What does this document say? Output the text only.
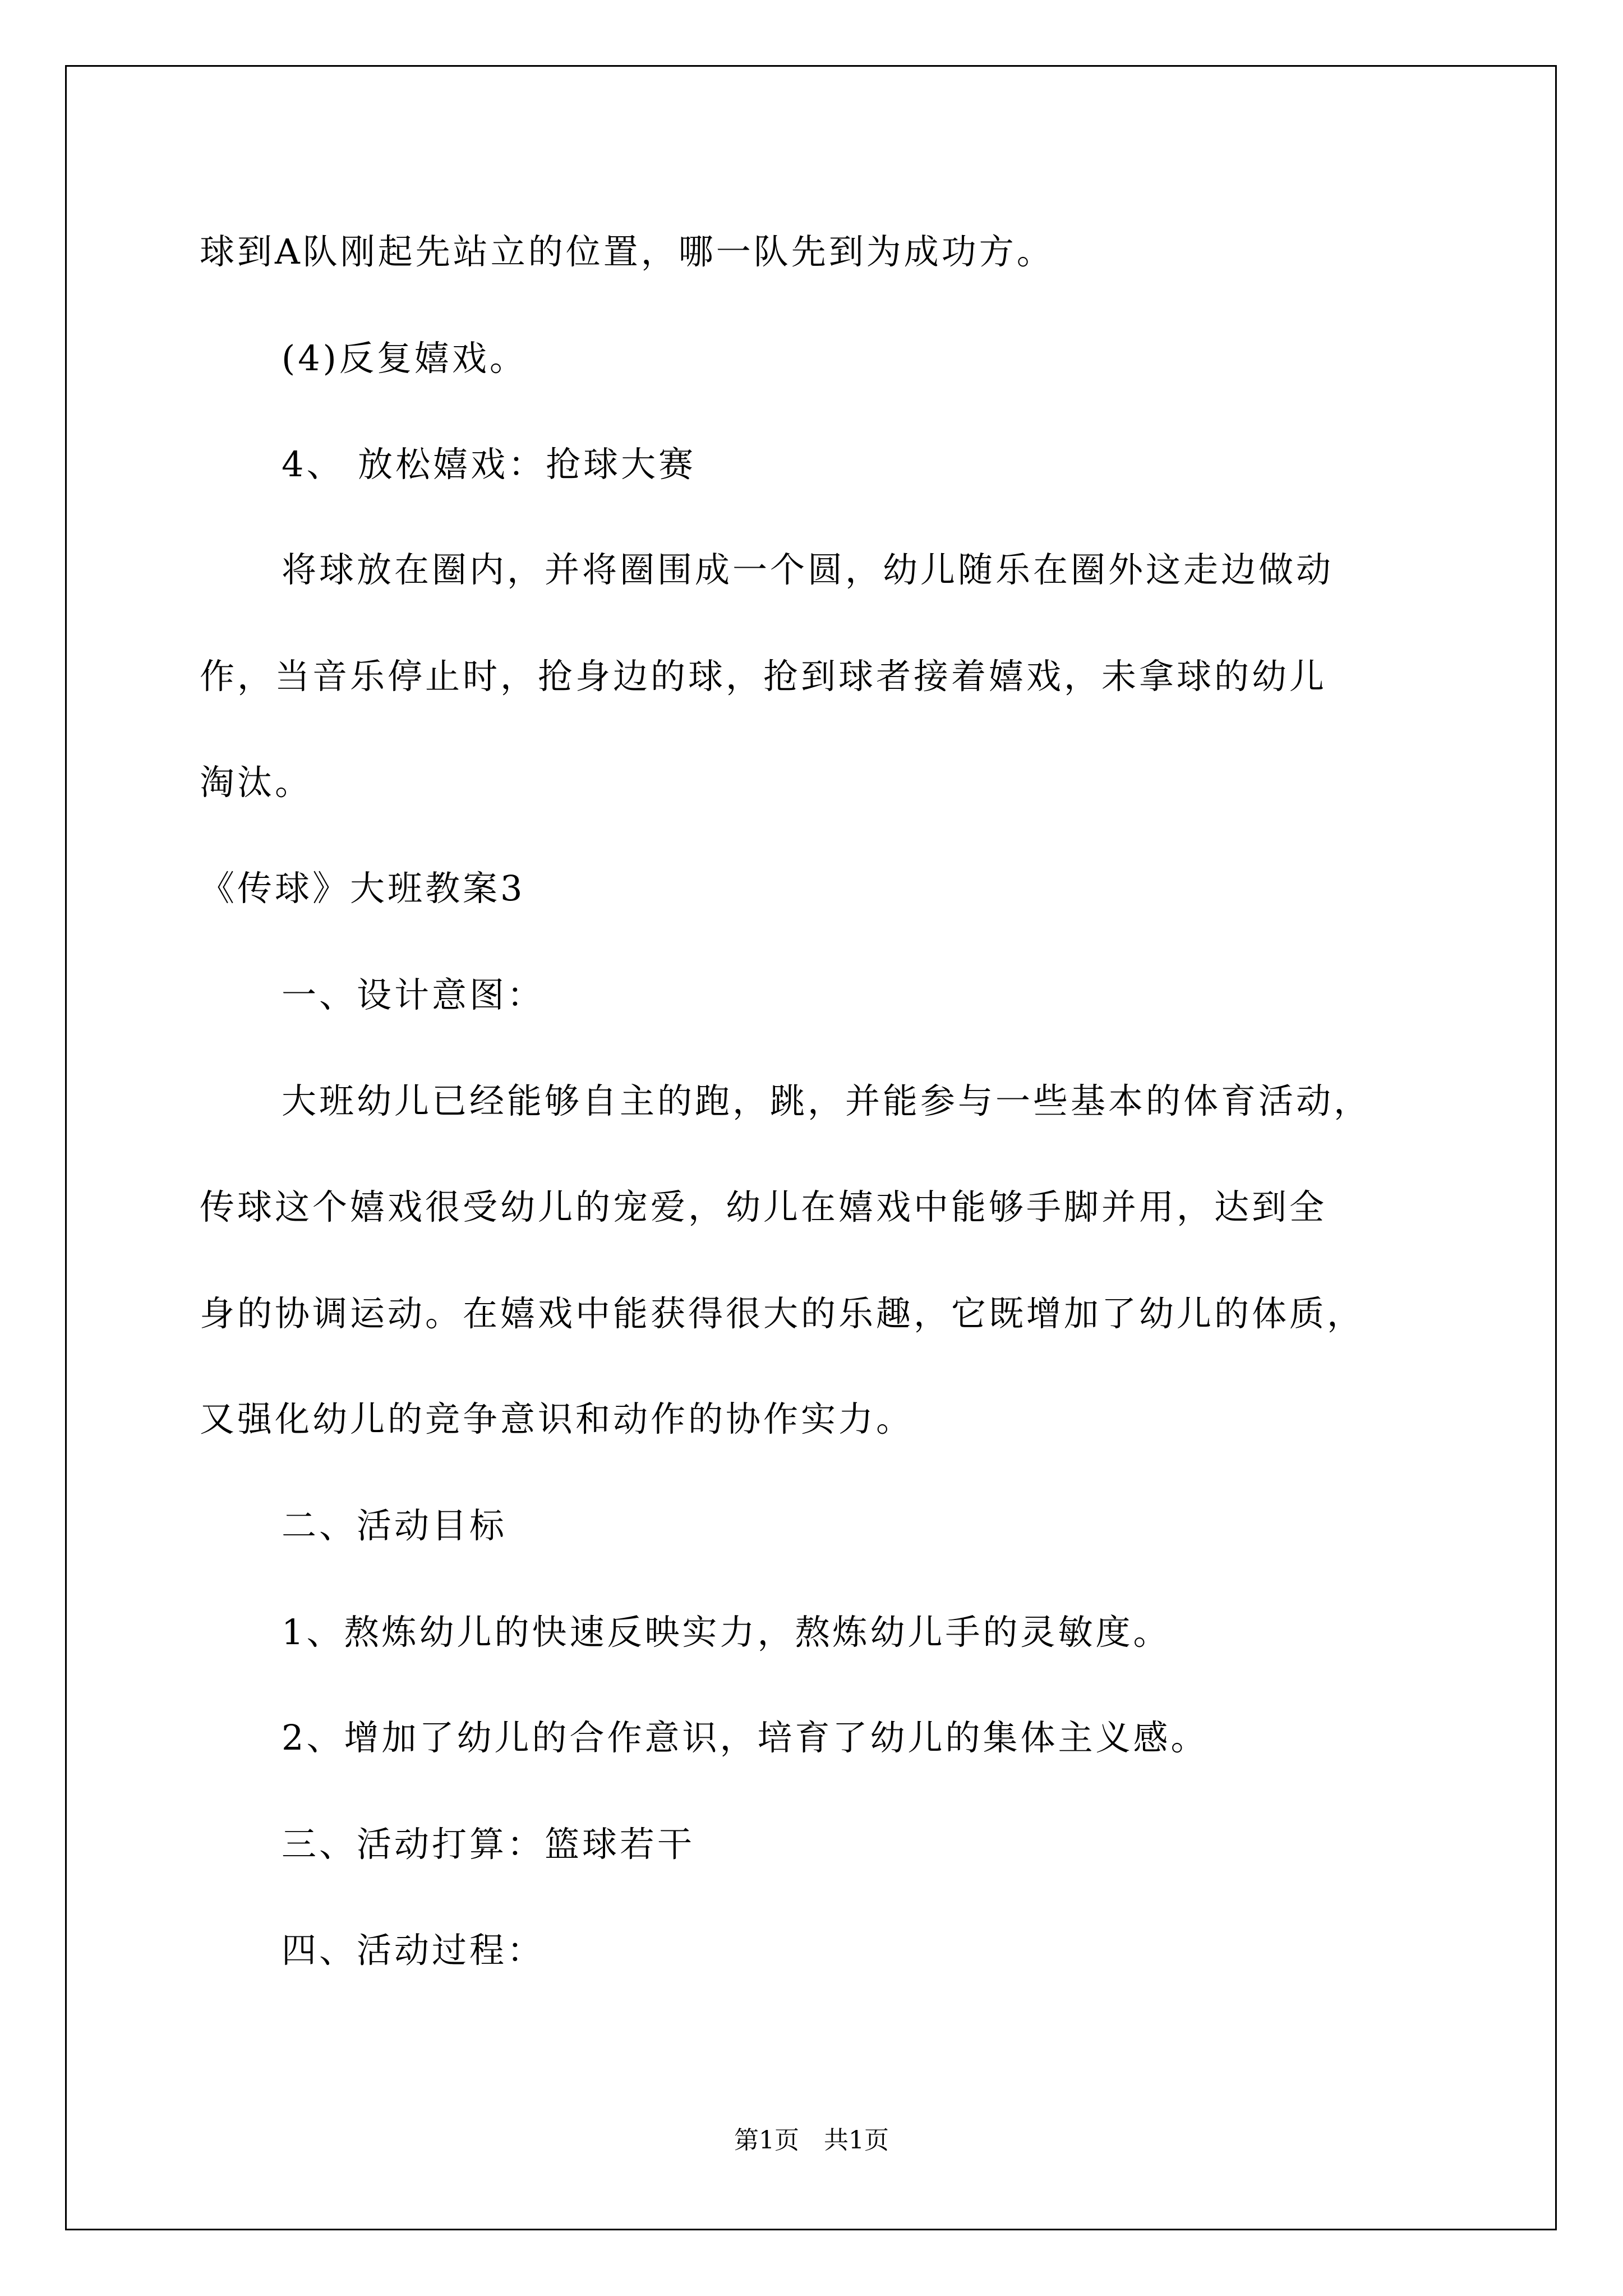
球到A队刚起先站立的位置，哪一队先到为成功方。
(4)反复嬉戏。
4、 放松嬉戏：抢球大赛
将球放在圈内，并将圈围成一个圆，幼儿随乐在圈外这走边做动
作，当音乐停止时，抢身边的球，抢到球者接着嬉戏，未拿球的幼儿
淘汰。
《传球》大班教案3
一、设计意图：
大班幼儿已经能够自主的跑，跳，并能参与一些基本的体育活动，
传球这个嬉戏很受幼儿的宠爱，幼儿在嬉戏中能够手脚并用，达到全
身的协调运动。在嬉戏中能获得很大的乐趣，它既增加了幼儿的体质，
又强化幼儿的竞争意识和动作的协作实力。
二、活动目标
1、熬炼幼儿的快速反映实力，熬炼幼儿手的灵敏度。
2、增加了幼儿的合作意识，培育了幼儿的集体主义感。
三、活动打算：篮球若干
四、活动过程：
第1页 共1页
